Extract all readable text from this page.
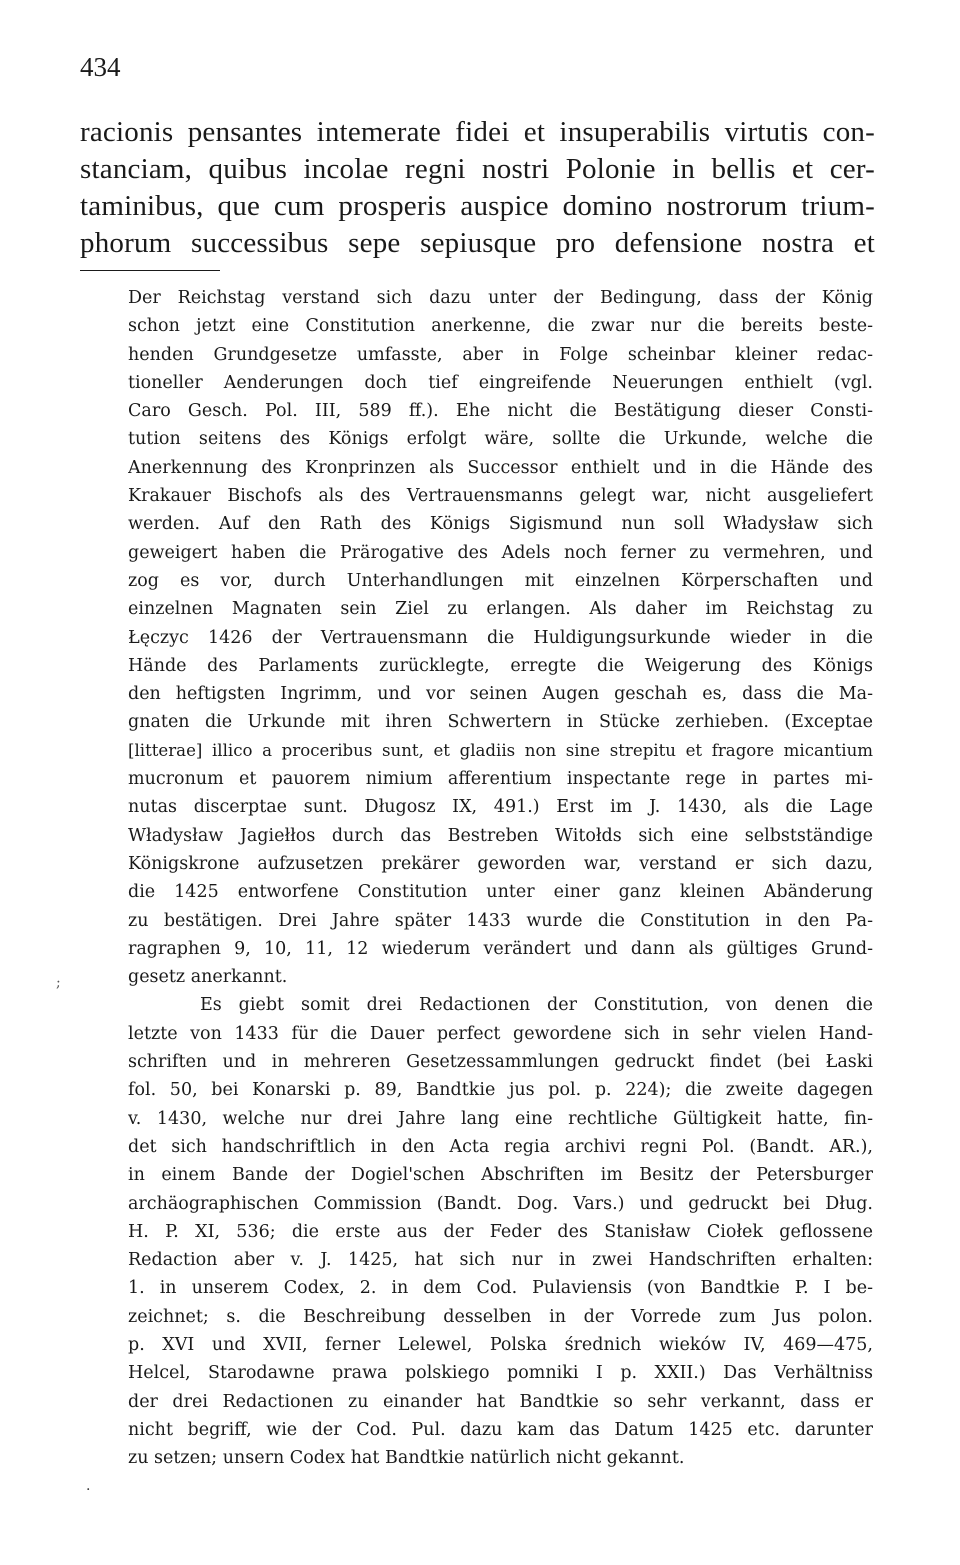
434
racionis pensantes intemerate fidei et insuperabilis virtutis con-
stanciam, quibus incolae regni nostri Polonie in bellis et cer-
taminibus, que cum prosperis auspice domino nostrorum trium-
phorum successibus sepe sepiusque pro defensione nostra et
Der Reichstag verstand sich dazu unter der Bedingung, dass der König
schon jetzt eine Constitution anerkenne, die zwar nur die bereits beste-
henden Grundgesetze umfasste, aber in Folge scheinbar kleiner redac-
tioneller Aenderungen doch tief eingreifende Neuerungen enthielt (vgl.
Caro Gesch. Pol. III, 589 ff.). Ehe nicht die Bestätigung dieser Consti-
tution seitens des Königs erfolgt wäre, sollte die Urkunde, welche die
Anerkennung des Kronprinzen als Successor enthielt und in die Hände des
Krakauer Bischofs als des Vertrauensmanns gelegt war, nicht ausgeliefert
werden. Auf den Rath des Königs Sigismund nun soll Władysław sich
geweigert haben die Prärogative des Adels noch ferner zu vermehren, und
zog es vor, durch Unterhandlungen mit einzelnen Körperschaften und
einzelnen Magnaten sein Ziel zu erlangen. Als daher im Reichstag zu
Łęczyc 1426 der Vertrauensmann die Huldigungsurkunde wieder in die
Hände des Parlaments zurücklegte, erregte die Weigerung des Königs
den heftigsten Ingrimm, und vor seinen Augen geschah es, dass die Ma-
gnaten die Urkunde mit ihren Schwertern in Stücke zerhieben. (Exceptae
[litterae] illico a proceribus sunt, et gladiis non sine strepitu et fragore micantium
mucronum et pauorem nimium afferentium inspectante rege in partes mi-
nutas discerptae sunt. Długosz IX, 491.) Erst im J. 1430, als die Lage
Władysław Jagiełłos durch das Bestreben Witołds sich eine selbstständige
Königskrone aufzusetzen prekärer geworden war, verstand er sich dazu,
die 1425 entworfene Constitution unter einer ganz kleinen Abänderung
zu bestätigen. Drei Jahre später 1433 wurde die Constitution in den Pa-
ragraphen 9, 10, 11, 12 wiederum verändert und dann als gültiges Grund-
gesetz anerkannt.
Es giebt somit drei Redactionen der Constitution, von denen die
letzte von 1433 für die Dauer perfect gewordene sich in sehr vielen Hand-
schriften und in mehreren Gesetzessammlungen gedruckt findet (bei Łaski
fol. 50, bei Konarski p. 89, Bandtkie jus pol. p. 224); die zweite dagegen
v. 1430, welche nur drei Jahre lang eine rechtliche Gültigkeit hatte, fin-
det sich handschriftlich in den Acta regia archivi regni Pol. (Bandt. AR.),
in einem Bande der Dogiel'schen Abschriften im Besitz der Petersburger
archäographischen Commission (Bandt. Dog. Vars.) und gedruckt bei Dług.
H. P. XI, 536; die erste aus der Feder des Stanisław Ciołek geflossene
Redaction aber v. J. 1425, hat sich nur in zwei Handschriften erhalten:
1. in unserem Codex, 2. in dem Cod. Pulaviensis (von Bandtkie P. I be-
zeichnet; s. die Beschreibung desselben in der Vorrede zum Jus polon.
p. XVI und XVII, ferner Lelewel, Polska średnich wieków IV, 469—475,
Helcel, Starodawne prawa polskiego pomniki I p. XXII.) Das Verhältniss
der drei Redactionen zu einander hat Bandtkie so sehr verkannt, dass er
nicht begriff, wie der Cod. Pul. dazu kam das Datum 1425 etc. darunter
zu setzen; unsern Codex hat Bandtkie natürlich nicht gekannt.
;
.
